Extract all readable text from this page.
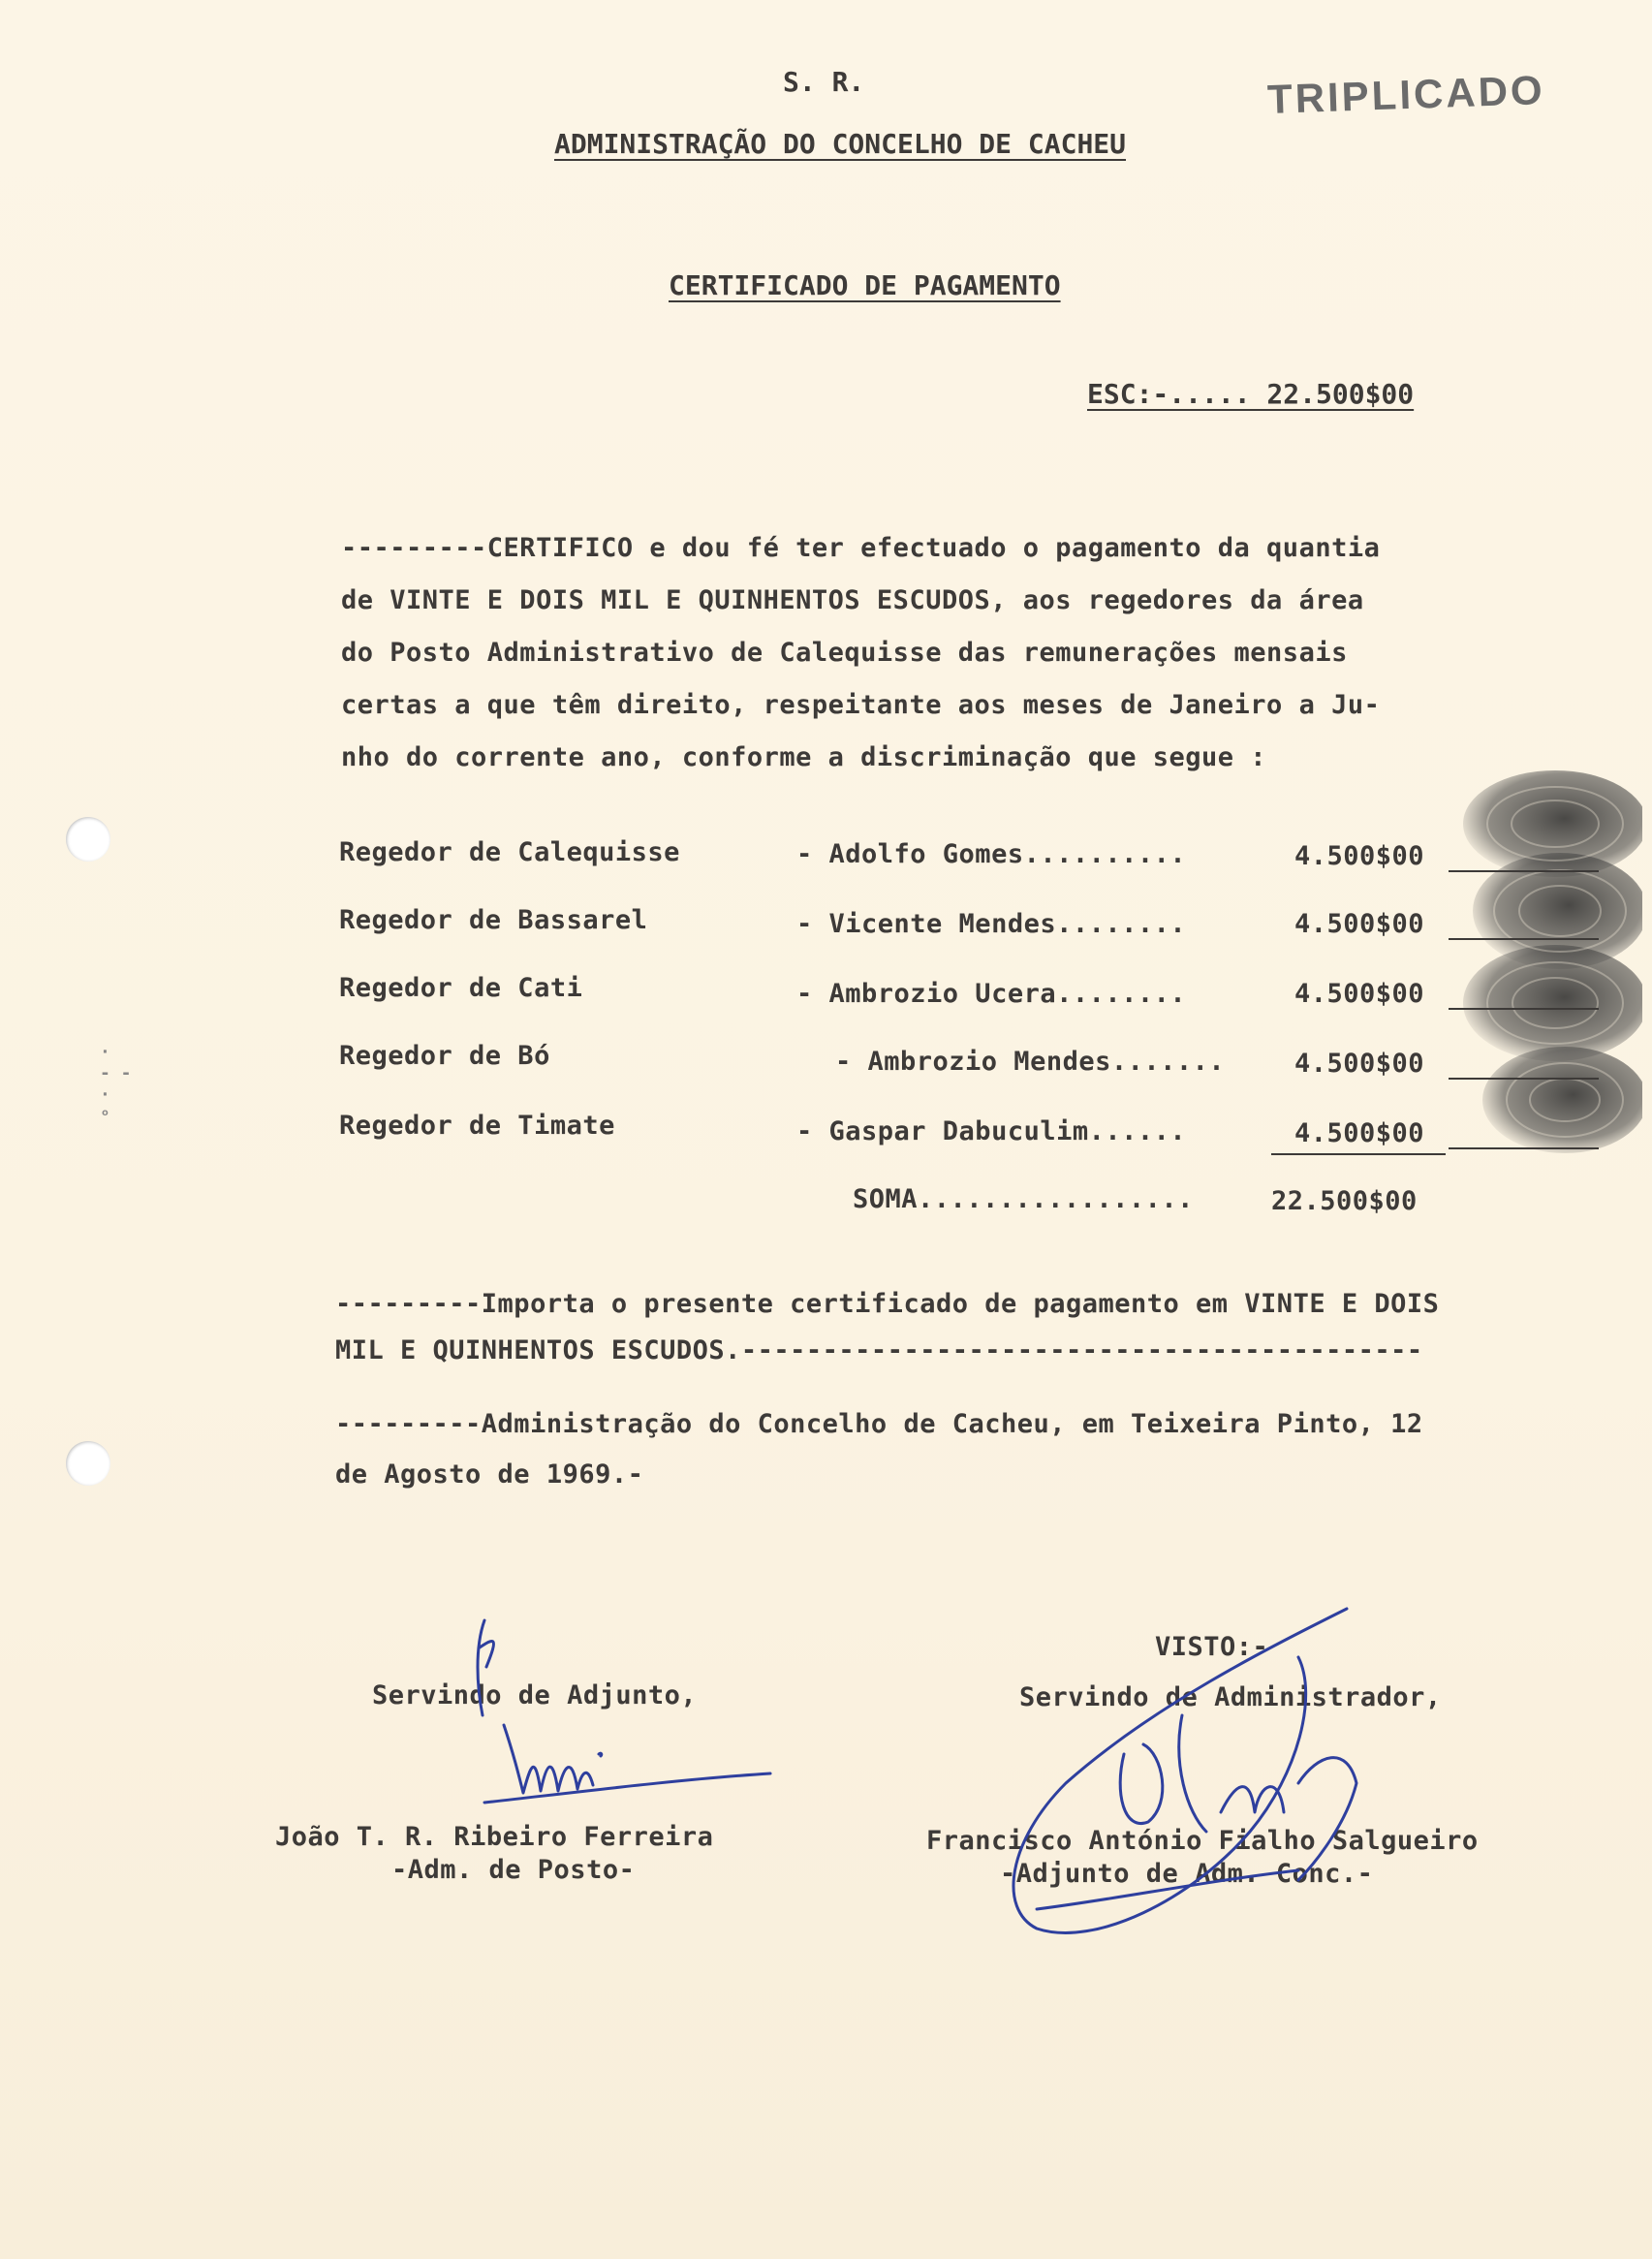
·
- -
·
ᵒ
S. R.	TRIPLICADO
ADMINISTRAÇÃO DO CONCELHO DE CACHEU
CERTIFICADO DE PAGAMENTO
ESC:-..... 22.500$00
---------CERTIFICO e dou fé ter efectuado o pagamento da quantia
de VINTE E DOIS MIL E QUINHENTOS ESCUDOS, aos regedores da área
do Posto Administrativo de Calequisse das remunerações mensais
certas a que têm direito, respeitante aos meses de Janeiro a Ju-
nho do corrente ano, conforme a discriminação que segue :
Regedor de Calequisse	- Adolfo Gomes..........	4.500$00
Regedor de Bassarel	- Vicente Mendes........	4.500$00
Regedor de Cati	- Ambrozio Ucera........	4.500$00
Regedor de Bó	- Ambrozio Mendes.......	4.500$00
Regedor de Timate	- Gaspar Dabuculim......	4.500$00
SOMA.................	22.500$00
---------Importa o presente certificado de pagamento em VINTE E DOIS
MIL E QUINHENTOS ESCUDOS.------------------------------------------
---------Administração do Concelho de Cacheu, em Teixeira Pinto, 12
de Agosto de 1969.-
Servindo de Adjunto,
João T. R. Ribeiro Ferreira
-Adm. de Posto-
VISTO:-
Servindo de Administrador,
Francisco António Fialho Salgueiro
-Adjunto de Adm. Conc.-
